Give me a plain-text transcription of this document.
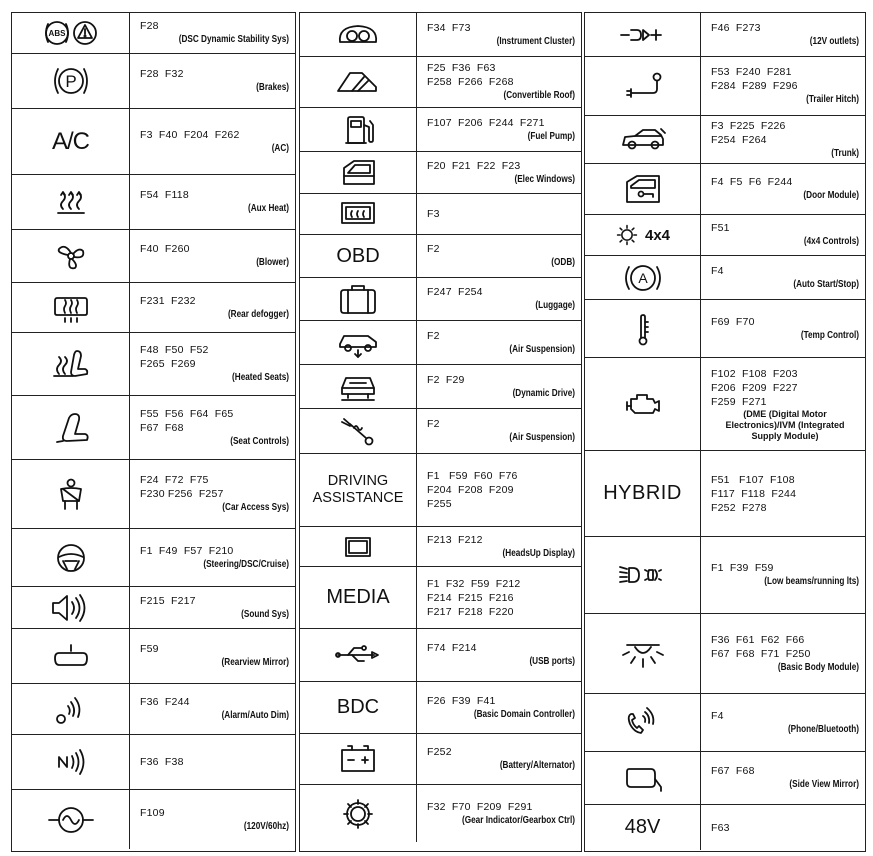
ABS
F28
(DSC Dynamic Stability Sys)
P	F28  F32
(Brakes)
A/C	F3  F40  F204  F262
(AC)
F54  F118
(Aux Heat)
F40  F260
(Blower)
F231  F232
(Rear defogger)
F48  F50  F52
F265  F269
(Heated Seats)
F55  F56  F64  F65
F67  F68
(Seat Controls)
F24  F72  F75
F230 F256  F257
(Car Access Sys)
F1  F49  F57  F210
(Steering/DSC/Cruise)
F215  F217
(Sound Sys)
F59
(Rearview Mirror)
F36  F244
(Alarm/Auto Dim)
F36  F38
F109
(120V/60hz)
F34  F73
(Instrument Cluster)
F25  F36  F63
F258  F266  F268
(Convertible Roof)
F107  F206  F244  F271
(Fuel Pump)
F20  F21  F22  F23
(Elec Windows)
F3
OBD	F2
(ODB)
F247  F254
(Luggage)
F2
(Air Suspension)
F2  F29
(Dynamic Drive)
F2
(Air Suspension)
DRIVING ASSISTANCE
F1   F59  F60  F76
F204  F208  F209
F255
F213  F212
(HeadsUp Display)
MEDIA
F1  F32  F59  F212
F214  F215  F216
F217  F218  F220
F74  F214
(USB ports)
BDC	F26  F39  F41
(Basic Domain Controller)
F252
(Battery/Alternator)
F32  F70  F209  F291
(Gear Indicator/Gearbox Ctrl)
F46  F273
(12V outlets)
F53  F240  F281
F284  F289  F296
(Trailer Hitch)
F3  F225  F226
F254  F264
(Trunk)
F4  F5  F6  F244
(Door Module)
4x4	F51
(4x4 Controls)
A	F4
(Auto Start/Stop)
F69  F70
(Temp Control)
F102  F108  F203
F206  F209  F227
F259  F271
(DME (Digital Motor Electronics)/IVM (Integrated Supply Module)
HYBRID
F51   F107  F108
F117  F118  F244
F252  F278
F1  F39  F59
(Low beams/running lts)
F36  F61  F62  F66
F67  F68  F71  F250
(Basic Body Module)
F4
(Phone/Bluetooth)
F67  F68
(Side View Mirror)
48V	F63
